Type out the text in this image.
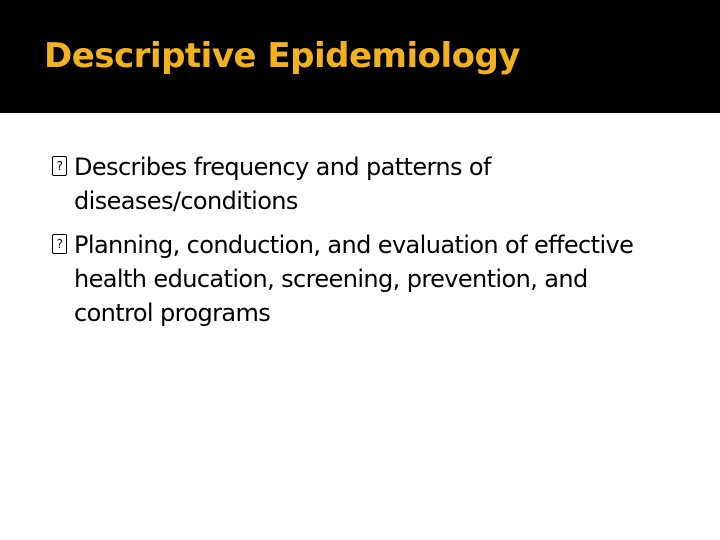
Descriptive Epidemiology
?
Describes frequency and patterns of diseases/conditions
?
Planning, conduction, and evaluation of effective health education, screening, prevention, and control programs
